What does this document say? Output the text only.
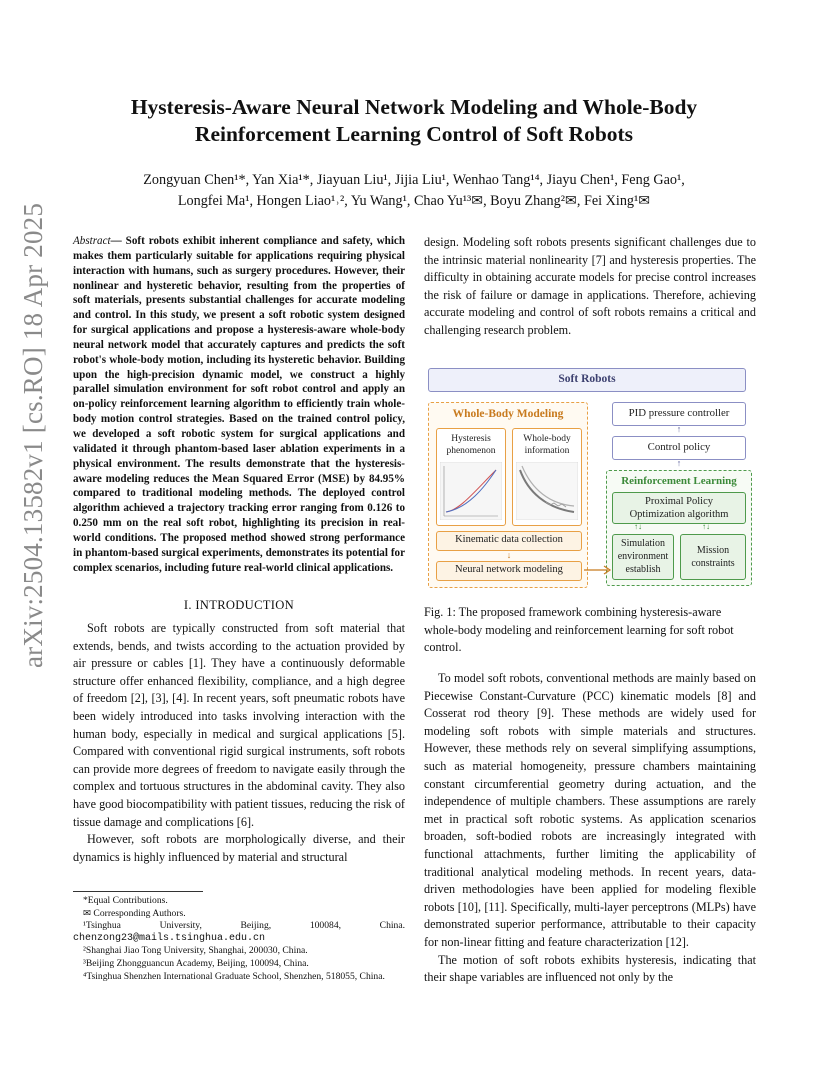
arXiv:2504.13582v1 [cs.RO] 18 Apr 2025
Hysteresis-Aware Neural Network Modeling and Whole-Body
Reinforcement Learning Control of Soft Robots
Zongyuan Chen¹*, Yan Xia¹*, Jiayuan Liu¹, Jijia Liu¹, Wenhao Tang¹⁴, Jiayu Chen¹, Feng Gao¹,
Longfei Ma¹, Hongen Liao¹˒², Yu Wang¹, Chao Yu¹³✉, Boyu Zhang²✉, Fei Xing¹✉
Abstract— Soft robots exhibit inherent compliance and safety, which makes them particularly suitable for applications requiring physical interaction with humans, such as surgery procedures. However, their nonlinear and hysteretic behavior, resulting from the properties of soft materials, presents substantial challenges for accurate modeling and control. In this study, we present a soft robotic system designed for surgical applications and propose a hysteresis-aware whole-body neural network model that accurately captures and predicts the soft robot's whole-body motion, including its hysteretic behavior. Building upon the high-precision dynamic model, we construct a highly parallel simulation environment for soft robot control and apply an on-policy reinforcement learning algorithm to efficiently train whole-body motion control strategies. Based on the trained control policy, we developed a soft robotic system for surgical applications and validated it through phantom-based laser ablation experiments in a physical environment. The results demonstrate that the hysteresis-aware modeling reduces the Mean Squared Error (MSE) by 84.95% compared to traditional modeling methods. The deployed control algorithm achieved a trajectory tracking error ranging from 0.126 to 0.250 mm on the real soft robot, highlighting its precision in real-world conditions. The proposed method showed strong performance in phantom-based surgical experiments, demonstrates its potential for complex scenarios, including future real-world clinical applications.
I. INTRODUCTION

Soft robots are typically constructed from soft material that extends, bends, and twists according to the actuation provided by air pressure or cables [1]. They have a continuously deformable structure offer enhanced flexibility, compliance, and a high degree of freedom [2], [3], [4]. In recent years, soft pneumatic robots have been widely introduced into tasks involving interaction with the human body, especially in medical and surgical applications [5]. Compared with conventional rigid surgical instruments, soft robots can provide more degrees of freedom to navigate easily through the complex and tortuous structures in the abdominal cavity. They also have good biocompatibility with patient tissues, reducing the risk of tissue damage and complications [6].

However, soft robots are morphologically diverse, and their dynamics is highly influenced by material and structural

*Equal Contributions.
✉ Corresponding Authors.
¹Tsinghua University, Beijing, 100084, China.
chenzong23@mails.tsinghua.edu.cn
²Shanghai Jiao Tong University, Shanghai, 200030, China.
³Beijing Zhongguancun Academy, Beijing, 100094, China.
⁴Tsinghua Shenzhen International Graduate School, Shenzhen, 518055, China.
design. Modeling soft robots presents significant challenges due to the intrinsic material nonlinearity [7] and hysteresis properties. The difficulty in obtaining accurate models for precise control increases the risk of failure or damage in applications. Therefore, achieving accurate modeling and control of soft robots remains a critical and challenging research problem.
Soft Robots
Whole-Body Modeling
Hysteresis
phenomenon
Whole-body
information
Kinematic data collection
↓
Neural network modeling
PID pressure controller
↑
Control policy
↑
Reinforcement Learning
Proximal Policy
Optimization algorithm
↑↓	↑↓
Simulation
environment
establish
Mission
constraints
Fig. 1: The proposed framework combining hysteresis-aware whole-body modeling and reinforcement learning for soft robot control.

To model soft robots, conventional methods are mainly based on Piecewise Constant-Curvature (PCC) kinematic models [8] and Cosserat rod theory [9]. These methods are widely used for modeling soft robots with simple materials and structures. However, these methods rely on several simplifying assumptions, such as material homogeneity, pressure chambers maintaining constant circumferential geometry during actuation, and the independence of multiple chambers. These assumptions are rarely met in practical soft robotic systems. As application scenarios broaden, soft-bodied robots are increasingly integrated with functional attachments, further limiting the applicability of traditional analytical modeling methods. In recent years, data-driven methodologies have been applied for modeling flexible robots [10], [11]. Specifically, multi-layer perceptrons (MLPs) have demonstrated superior performance, attributable to their capacity for non-linear fitting and feature characterization [12].

The motion of soft robots exhibits hysteresis, indicating that their shape variables are influenced not only by the
